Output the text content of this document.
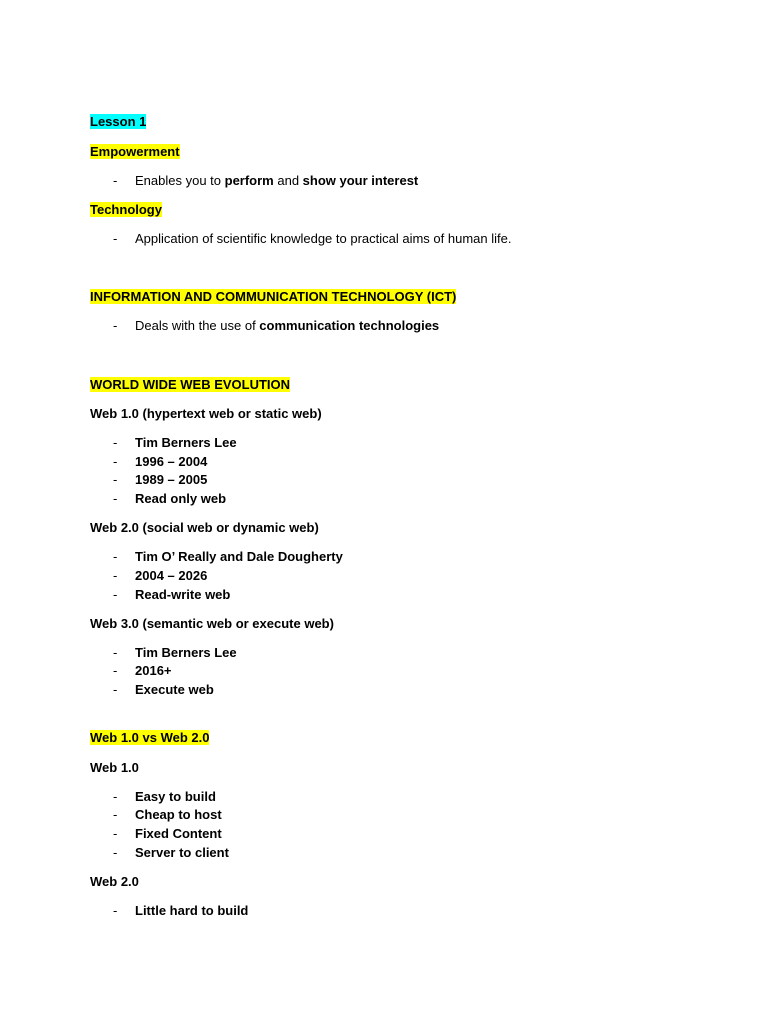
Lesson 1
Empowerment
- Enables you to perform and show your interest
Technology
- Application of scientific knowledge to practical aims of human life.
INFORMATION AND COMMUNICATION TECHNOLOGY (ICT)
- Deals with the use of communication technologies
WORLD WIDE WEB EVOLUTION
Web 1.0 (hypertext web or static web)
- Tim Berners Lee
- 1996 – 2004
- 1989 – 2005
- Read only web
Web 2.0 (social web or dynamic web)
- Tim O’ Really and Dale Dougherty
- 2004 – 2026
- Read-write web
Web 3.0 (semantic web or execute web)
- Tim Berners Lee
- 2016+
- Execute web
Web 1.0 vs Web 2.0
Web 1.0
- Easy to build
- Cheap to host
- Fixed Content
- Server to client
Web 2.0
- Little hard to build
